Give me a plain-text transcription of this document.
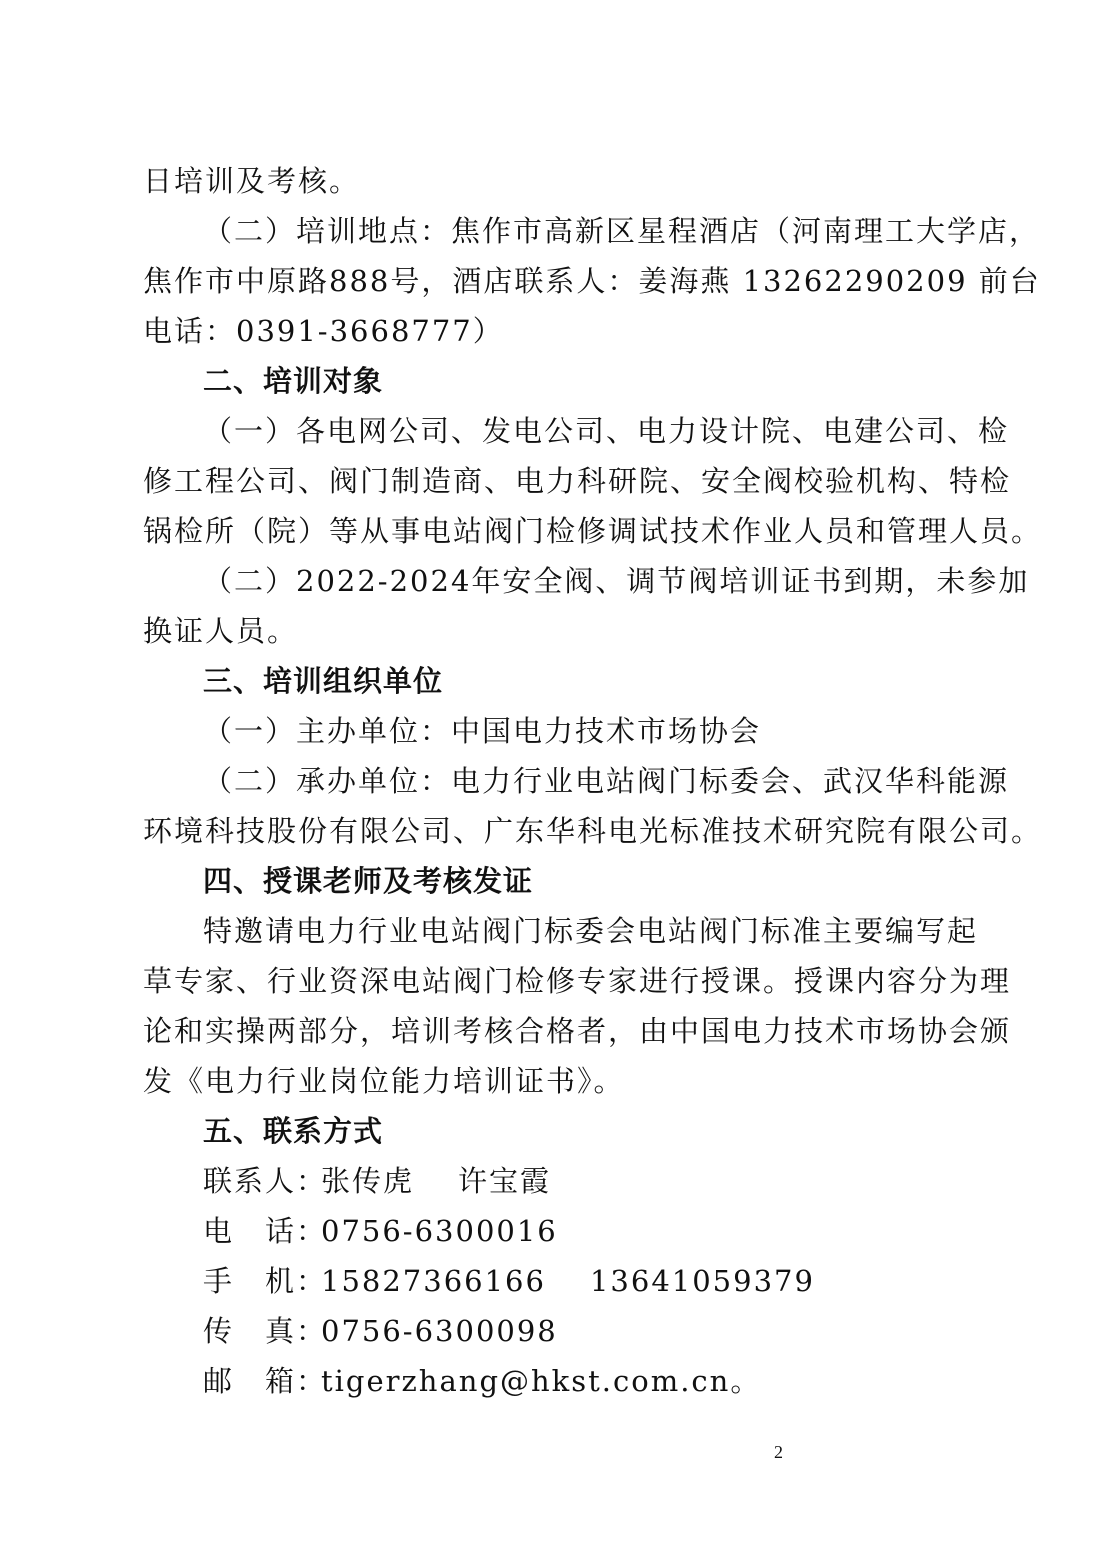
日培训及考核。
（二）培训地点：焦作市高新区星程酒店（河南理工大学店，
焦作市中原路888号，酒店联系人：姜海燕 13262290209 前台
电话：0391-3668777）
二、培训对象
（一）各电网公司、发电公司、电力设计院、电建公司、检
修工程公司、阀门制造商、电力科研院、安全阀校验机构、特检
锅检所（院）等从事电站阀门检修调试技术作业人员和管理人员。
（二）2022-2024年安全阀、调节阀培训证书到期，未参加
换证人员。
三、培训组织单位
（一）主办单位：中国电力技术市场协会
（二）承办单位：电力行业电站阀门标委会、武汉华科能源
环境科技股份有限公司、广东华科电光标准技术研究院有限公司。
四、授课老师及考核发证
特邀请电力行业电站阀门标委会电站阀门标准主要编写起
草专家、行业资深电站阀门检修专家进行授课。授课内容分为理
论和实操两部分，培训考核合格者，由中国电力技术市场协会颁
发《电力行业岗位能力培训证书》。
五、联系方式
联系人：张传虎 许宝霞
电　话：0756-6300016
手　机：15827366166 13641059379
传　真：0756-6300098
邮　箱：tigerzhang@hkst.com.cn。
2
